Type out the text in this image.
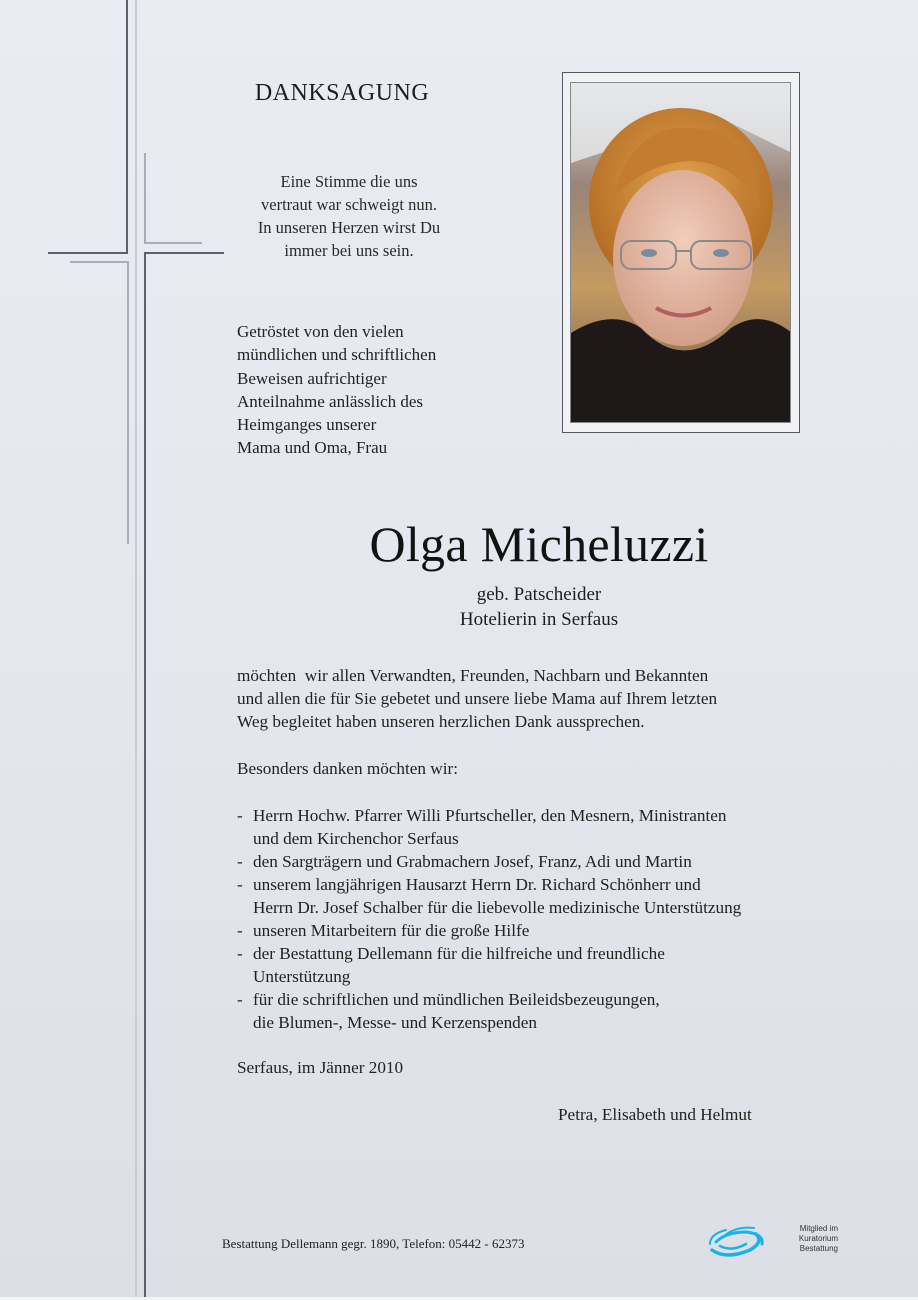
DANKSAGUNG
Eine Stimme die uns
vertraut war schweigt nun.
In unseren Herzen wirst Du
immer bei uns sein.
Getröstet von den vielen
mündlichen und schriftlichen
Beweisen aufrichtiger
Anteilnahme anlässlich des
Heimganges unserer
Mama und Oma, Frau
Olga Micheluzzi
geb. Patscheider
Hotelierin in Serfaus
möchten  wir allen Verwandten, Freunden, Nachbarn und Bekannten
und allen die für Sie gebetet und unsere liebe Mama auf Ihrem letzten
Weg begleitet haben unseren herzlichen Dank aussprechen.
Besonders danken möchten wir:
- Herrn Hochw. Pfarrer Willi Pfurtscheller, den Mesnern, Ministranten
und dem Kirchenchor Serfaus
- den Sargträgern und Grabmachern Josef, Franz, Adi und Martin
- unserem langjährigen Hausarzt Herrn Dr. Richard Schönherr und
Herrn Dr. Josef Schalber für die liebevolle medizinische Unterstützung
- unseren Mitarbeitern für die große Hilfe
- der Bestattung Dellemann für die hilfreiche und freundliche
Unterstützung
- für die schriftlichen und mündlichen Beileidsbezeugungen,
die Blumen-, Messe- und Kerzenspenden
Serfaus, im Jänner 2010
Petra, Elisabeth und Helmut
Bestattung Dellemann gegr. 1890, Telefon: 05442 - 62373
Mitglied im
Kuratorium Bestattung
